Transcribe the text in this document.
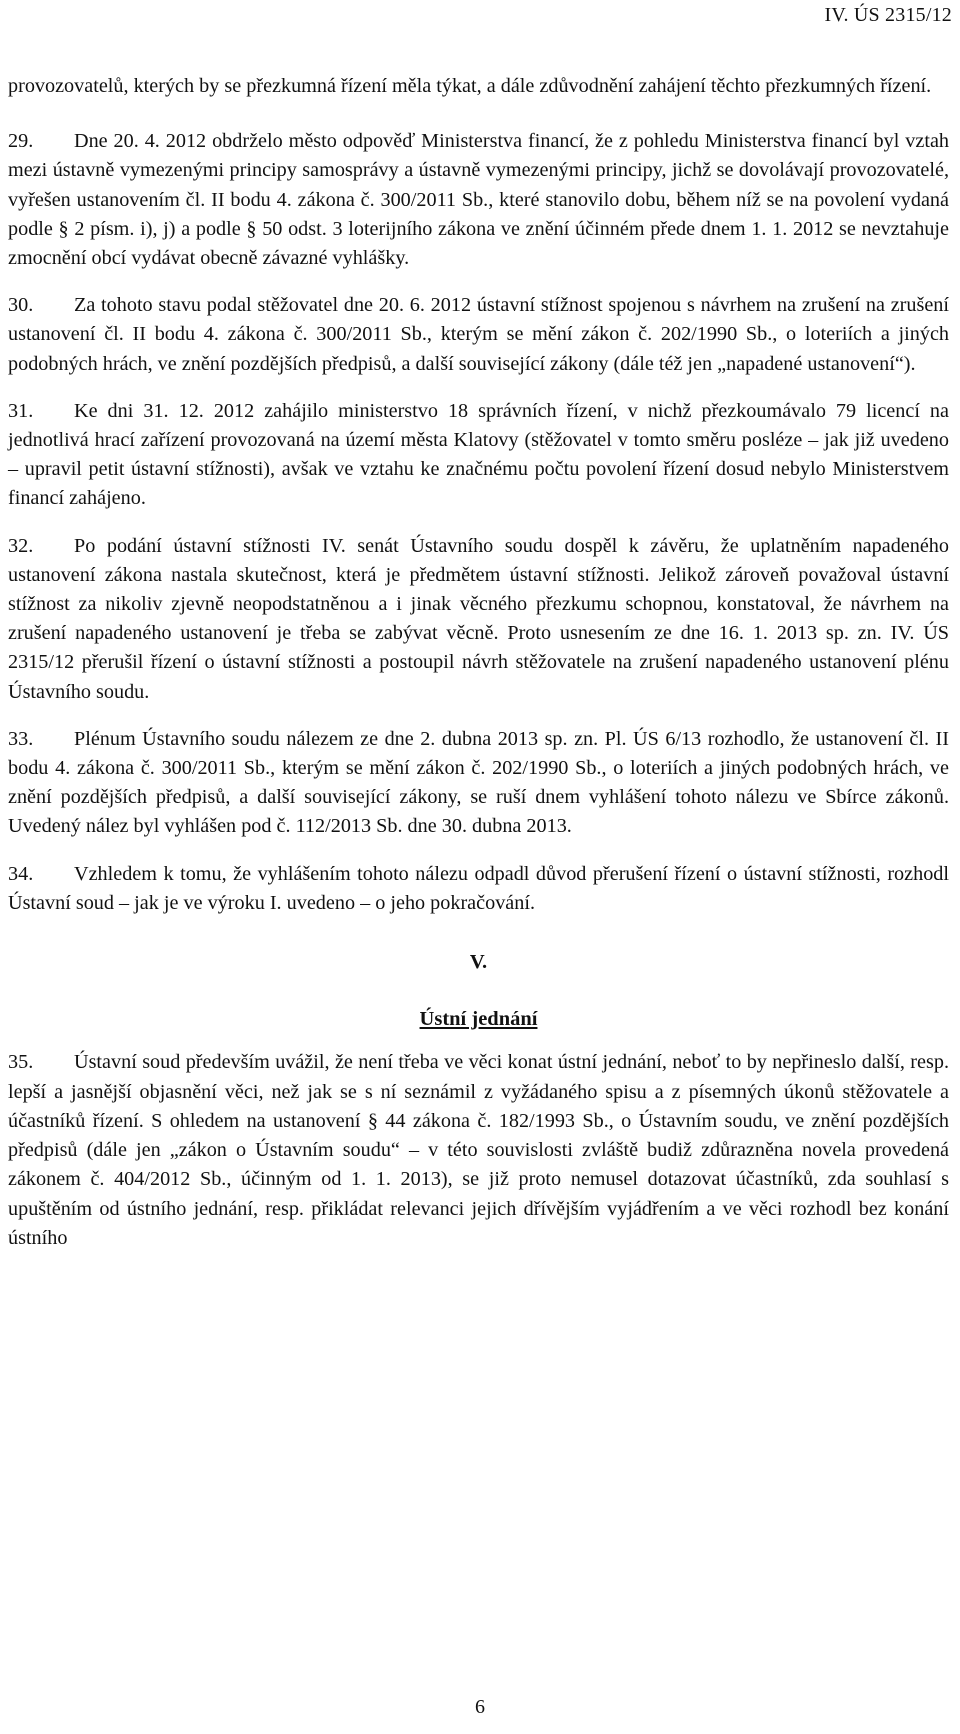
IV. ÚS 2315/12

provozovatelů, kterých by se přezkumná řízení měla týkat, a dále zdůvodnění zahájení těchto přezkumných řízení.

29. Dne 20. 4. 2012 obdrželo město odpověď Ministerstva financí, že z pohledu Ministerstva financí byl vztah mezi ústavně vymezenými principy samosprávy a ústavně vymezenými principy, jichž se dovolávají provozovatelé, vyřešen ustanovením čl. II bodu 4. zákona č. 300/2011 Sb., které stanovilo dobu, během níž se na povolení vydaná podle § 2 písm. i), j) a podle § 50 odst. 3 loterijního zákona ve znění účinném přede dnem 1. 1. 2012 se nevztahuje zmocnění obcí vydávat obecně závazné vyhlášky.

30. Za tohoto stavu podal stěžovatel dne 20. 6. 2012 ústavní stížnost spojenou s návrhem na zrušení na zrušení ustanovení čl. II bodu 4. zákona č. 300/2011 Sb., kterým se mění zákon č. 202/1990 Sb., o loteriích a jiných podobných hrách, ve znění pozdějších předpisů, a další související zákony (dále též jen „napadené ustanovení“).

31. Ke dni 31. 12. 2012 zahájilo ministerstvo 18 správních řízení, v nichž přezkoumávalo 79 licencí na jednotlivá hrací zařízení provozovaná na území města Klatovy (stěžovatel v tomto směru posléze – jak již uvedeno – upravil petit ústavní stížnosti), avšak ve vztahu ke značnému počtu povolení řízení dosud nebylo Ministerstvem financí zahájeno.

32. Po podání ústavní stížnosti IV. senát Ústavního soudu dospěl k závěru, že uplatněním napadeného ustanovení zákona nastala skutečnost, která je předmětem ústavní stížnosti. Jelikož zároveň považoval ústavní stížnost za nikoliv zjevně neopodstatněnou a i jinak věcného přezkumu schopnou, konstatoval, že návrhem na zrušení napadeného ustanovení je třeba se zabývat věcně. Proto usnesením ze dne 16. 1. 2013 sp. zn. IV. ÚS 2315/12 přerušil řízení o ústavní stížnosti a postoupil návrh stěžovatele na zrušení napadeného ustanovení plénu Ústavního soudu.

33. Plénum Ústavního soudu nálezem ze dne 2. dubna 2013 sp. zn. Pl. ÚS 6/13 rozhodlo, že ustanovení čl. II bodu 4. zákona č. 300/2011 Sb., kterým se mění zákon č. 202/1990 Sb., o loteriích a jiných podobných hrách, ve znění pozdějších předpisů, a další související zákony, se ruší dnem vyhlášení tohoto nálezu ve Sbírce zákonů. Uvedený nález byl vyhlášen pod č. 112/2013 Sb. dne 30. dubna 2013.

34. Vzhledem k tomu, že vyhlášením tohoto nálezu odpadl důvod přerušení řízení o ústavní stížnosti, rozhodl Ústavní soud – jak je ve výroku I. uvedeno – o jeho pokračování.

V.
Ústní jednání

35. Ústavní soud především uvážil, že není třeba ve věci konat ústní jednání, neboť to by nepřineslo další, resp. lepší a jasnější objasnění věci, než jak se s ní seznámil z vyžádaného spisu a z písemných úkonů stěžovatele a účastníků řízení. S ohledem na ustanovení § 44 zákona č. 182/1993 Sb., o Ústavním soudu, ve znění pozdějších předpisů (dále jen „zákon o Ústavním soudu“ – v této souvislosti zvláště budiž zdůrazněna novela provedená zákonem č. 404/2012 Sb., účinným od 1. 1. 2013), se již proto nemusel dotazovat účastníků, zda souhlasí s upuštěním od ústního jednání, resp. přikládat relevanci jejich dřívějším vyjádřením a ve věci rozhodl bez konání ústního

6
